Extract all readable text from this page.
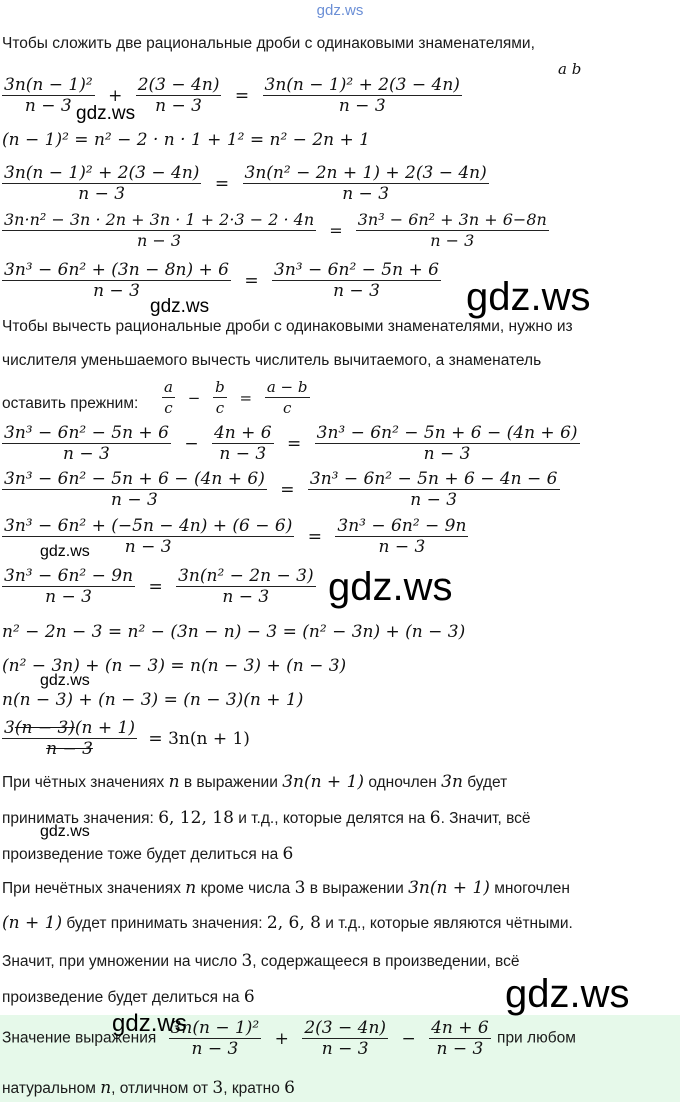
gdz.ws
Чтобы сложить две рациональные дроби с одинаковыми знаменателями,
a b
$\frac{\text{3n(n − 1)²}}{n - 3} + \frac{2(3 - 4n)}{n - 3} = \frac{\text{3n(n − 1)² + 2(3 − 4n)}}{n - 3}$
(n − 1)² = n² − 2 · n · 1 + 1² = n² − 2n + 1
$\frac{\text{3n(n − 1)² + 2(3 − 4n)}}{n - 3} = \frac{\text{3n(n² − 2n + 1) + 2(3 − 4n)}}{n - 3}$
$\frac{\text{3n·n² − 3n · 2n + 3n · 1 + 2·3 − 2 · 4n}}{n - 3} = \frac{\text{3n³ − 6n² + 3n + 6−8n}}{n - 3}$
$\frac{\text{3n³ − 6n² + (3n − 8n) + 6}}{n - 3} = \frac{\text{3n³ − 6n² − 5n + 6}}{n - 3}$
Чтобы вычесть рациональные дроби с одинаковыми знаменателями, нужно из
числителя уменьшаемого вычесть числитель вычитаемого, а знаменатель
оставить прежним: $\frac{a}{c} - \frac{b}{c} = \frac{a - b}{c}$
$\frac{\text{3n³ − 6n² − 5n + 6}}{n - 3} - \frac{4n + 6}{n - 3} = \frac{\text{3n³ − 6n² − 5n + 6 − (4n + 6)}}{n - 3}$
$\frac{\text{3n³ − 6n² − 5n + 6 − (4n + 6)}}{n - 3} = \frac{\text{3n³ − 6n² − 5n + 6 − 4n − 6}}{n - 3}$
$\frac{\text{3n³ − 6n² + (−5n − 4n) + (6 − 6)}}{n - 3} = \frac{\text{3n³ − 6n² − 9n}}{n - 3}$
$\frac{\text{3n³ − 6n² − 9n}}{n - 3} = \frac{\text{3n(n² − 2n − 3)}}{n - 3}$
n² − 2n − 3 = n² − (3n − n) − 3 = (n² − 3n) + (n − 3)
(n² − 3n) + (n − 3) = n(n − 3) + (n − 3)
n(n − 3) + (n − 3) = (n − 3)(n + 1)
$\frac{3(n - 3)(n + 1)}{n - 3} = 3n(n + 1)$
При чётных значениях n в выражении 3n(n + 1) одночлен 3n будет
принимать значения: 6, 12, 18 и т.д., которые делятся на 6. Значит, всё
произведение тоже будет делиться на 6
При нечётных значениях n кроме числа 3 в выражении 3n(n + 1) многочлен
(n + 1) будет принимать значения: 2, 6, 8 и т.д., которые являются чётными.
Значит, при умножении на число 3, содержащееся в произведении, всё
произведение будет делиться на 6
Значение выражения $\frac{\text{3n(n − 1)²}}{n - 3} + \frac{2(3 - 4n)}{n - 3} - \frac{4n + 6}{n - 3}$ при любом
натуральном n, отличном от 3, кратно 6
gdz.ws
gdz.ws	gdz.ws
gdz.ws
gdz.ws
gdz.ws
gdz.ws
gdz.ws
gdz.ws
